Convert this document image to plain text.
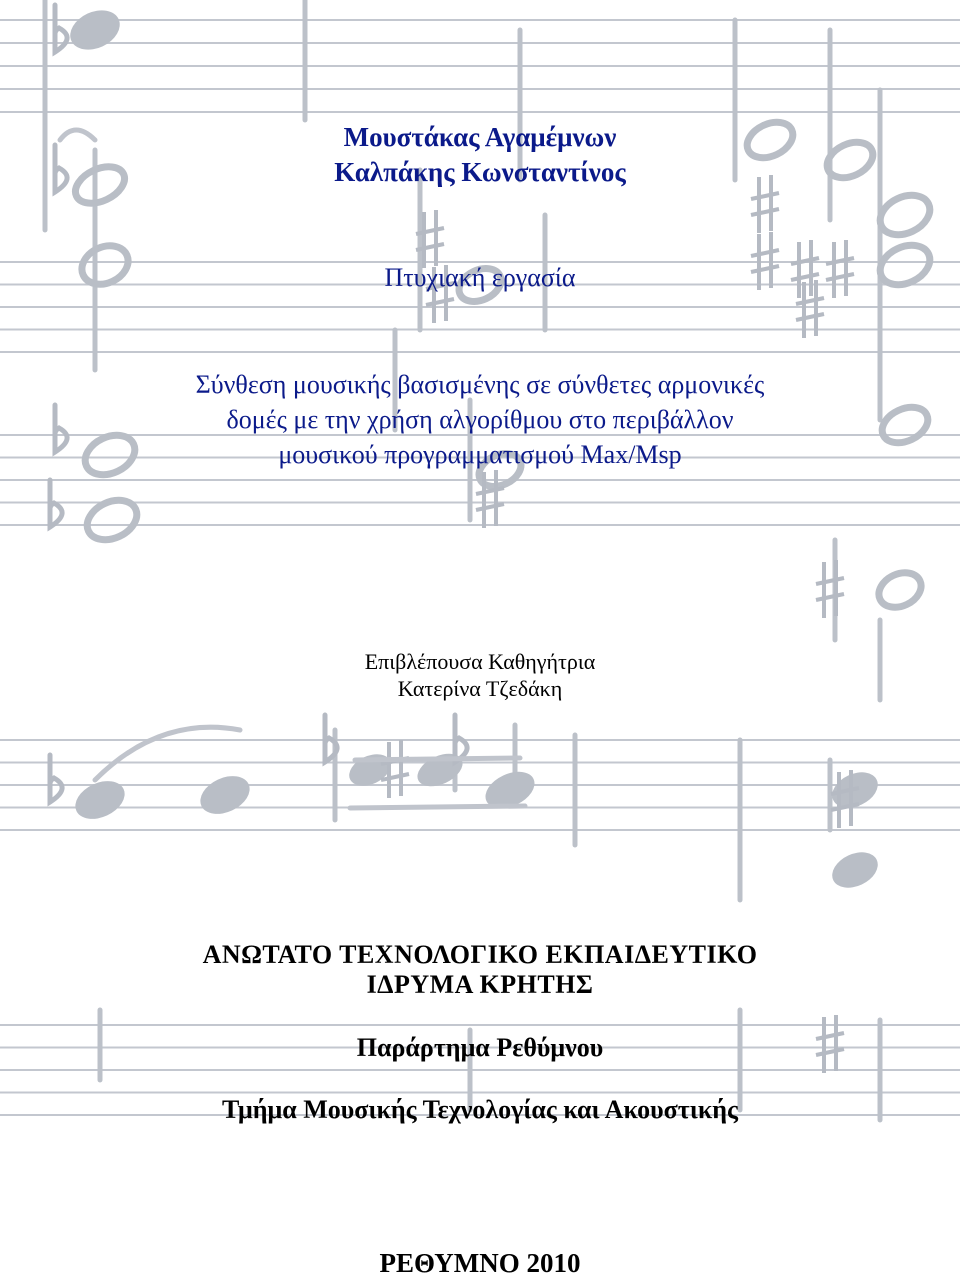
Μουστάκας Αγαμέμνων
Καλπάκης Κωνσταντίνος
Πτυχιακή εργασία
Σύνθεση μουσικής βασισμένης σε σύνθετες αρμονικές
δομές με την χρήση αλγορίθμου στο περιβάλλον
μουσικού προγραμματισμού Max/Msp
Επιβλέπουσα Καθηγήτρια
Κατερίνα Τζεδάκη
ΑΝΩΤΑΤΟ ΤΕΧΝΟΛΟΓΙΚΟ ΕΚΠΑΙΔΕΥΤΙΚΟ
ΙΔΡΥΜΑ ΚΡΗΤΗΣ
Παράρτημα Ρεθύμνου
Τμήμα Μουσικής Τεχνολογίας και Ακουστικής
ΡΕΘΥΜΝΟ 2010
